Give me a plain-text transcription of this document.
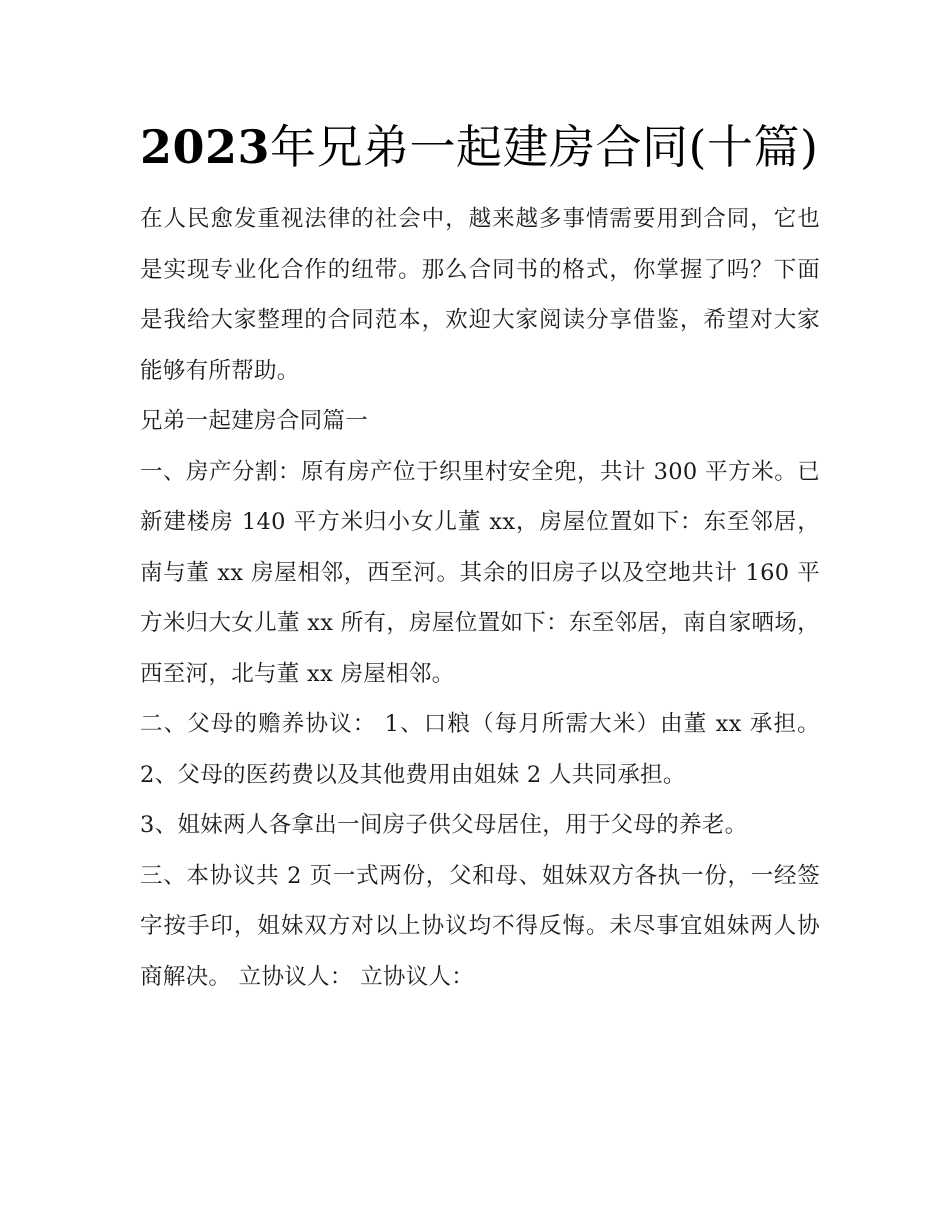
2023年兄弟一起建房合同(十篇)

在人民愈发重视法律的社会中，越来越多事情需要用到合同，它也是实现专业化合作的纽带。那么合同书的格式，你掌握了吗？下面是我给大家整理的合同范本，欢迎大家阅读分享借鉴，希望对大家能够有所帮助。

兄弟一起建房合同篇一

一、房产分割：原有房产位于织里村安全兜，共计 300 平方米。已新建楼房 140 平方米归小女儿董 xx，房屋位置如下：东至邻居，南与董 xx 房屋相邻，西至河。其余的旧房子以及空地共计 160 平方米归大女儿董 xx 所有，房屋位置如下：东至邻居，南自家晒场，西至河，北与董 xx 房屋相邻。

二、父母的赡养协议： 1、口粮（每月所需大米）由董 xx 承担。 2、父母的医药费以及其他费用由姐妹 2 人共同承担。

3、姐妹两人各拿出一间房子供父母居住，用于父母的养老。

三、本协议共 2 页一式两份，父和母、姐妹双方各执一份，一经签字按手印，姐妹双方对以上协议均不得反悔。未尽事宜姐妹两人协商解决。 立协议人： 立协议人：
